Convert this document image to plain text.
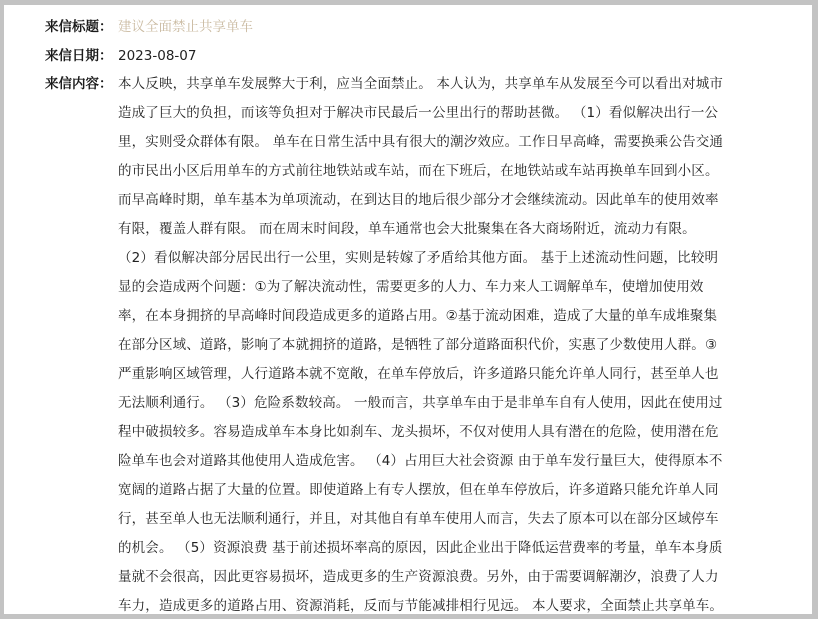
来信标题： 建议全面禁止共享单车
来信日期： 2023-08-07
来信内容： 本人反映，共享单车发展弊大于利，应当全面禁止。 本人认为，共享单车从发展至今可以看出对城市
造成了巨大的负担，而该等负担对于解决市民最后一公里出行的帮助甚微。 （1）看似解决出行一公
里，实则受众群体有限。 单车在日常生活中具有很大的潮汐效应。工作日早高峰，需要换乘公告交通
的市民出小区后用单车的方式前往地铁站或车站，而在下班后，在地铁站或车站再换单车回到小区。
而早高峰时期，单车基本为单项流动，在到达目的地后很少部分才会继续流动。因此单车的使用效率
有限，覆盖人群有限。 而在周末时间段，单车通常也会大批聚集在各大商场附近，流动力有限。
（2）看似解决部分居民出行一公里，实则是转嫁了矛盾给其他方面。 基于上述流动性问题，比较明
显的会造成两个问题：①为了解决流动性，需要更多的人力、车力来人工调解单车，使增加使用效
率，在本身拥挤的早高峰时间段造成更多的道路占用。②基于流动困难，造成了大量的单车成堆聚集
在部分区域、道路，影响了本就拥挤的道路，是牺牲了部分道路面积代价，实惠了少数使用人群。③
严重影响区域管理，人行道路本就不宽敞，在单车停放后，许多道路只能允许单人同行，甚至单人也
无法顺利通行。 （3）危险系数较高。 一般而言，共享单车由于是非单车自有人使用，因此在使用过
程中破损较多。容易造成单车本身比如刹车、龙头损坏，不仅对使用人具有潜在的危险，使用潜在危
险单车也会对道路其他使用人造成危害。 （4）占用巨大社会资源 由于单车发行量巨大，使得原本不
宽阔的道路占据了大量的位置。即使道路上有专人摆放，但在单车停放后，许多道路只能允许单人同
行，甚至单人也无法顺利通行，并且，对其他自有单车使用人而言，失去了原本可以在部分区域停车
的机会。 （5）资源浪费 基于前述损坏率高的原因，因此企业出于降低运营费率的考量，单车本身质
量就不会很高，因此更容易损坏，造成更多的生产资源浪费。另外，由于需要调解潮汐，浪费了人力
车力，造成更多的道路占用、资源消耗，反而与节能减排相行见远。 本人要求，全面禁止共享单车。
